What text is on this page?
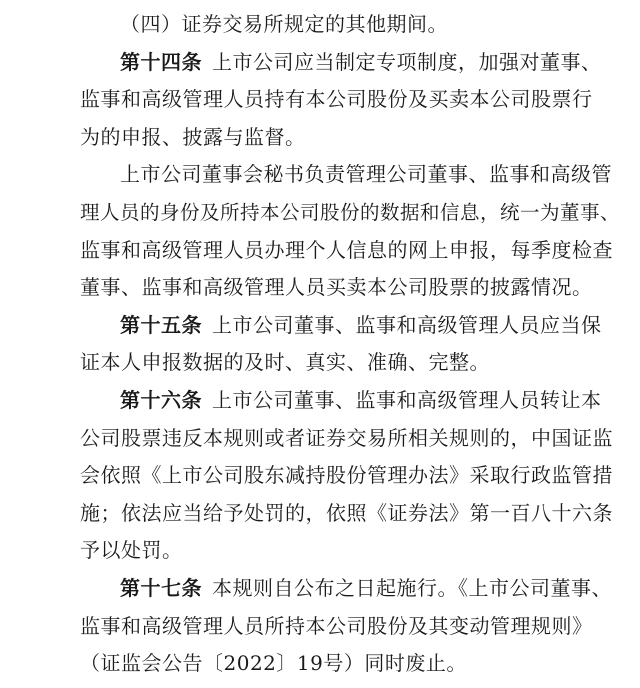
（四）证券交易所规定的其他期间。
第十四条 上市公司应当制定专项制度，加强对董事、
监事和高级管理人员持有本公司股份及买卖本公司股票行
为的申报、披露与监督。
上市公司董事会秘书负责管理公司董事、监事和高级管
理人员的身份及所持本公司股份的数据和信息，统一为董事、
监事和高级管理人员办理个人信息的网上申报，每季度检查
董事、监事和高级管理人员买卖本公司股票的披露情况。
第十五条 上市公司董事、监事和高级管理人员应当保
证本人申报数据的及时、真实、准确、完整。
第十六条 上市公司董事、监事和高级管理人员转让本
公司股票违反本规则或者证券交易所相关规则的，中国证监
会依照《上市公司股东减持股份管理办法》采取行政监管措
施；依法应当给予处罚的，依照《证券法》第一百八十六条
予以处罚。
第十七条 本规则自公布之日起施行。《上市公司董事、
监事和高级管理人员所持本公司股份及其变动管理规则》
（证监会公告〔2022〕19号）同时废止。
